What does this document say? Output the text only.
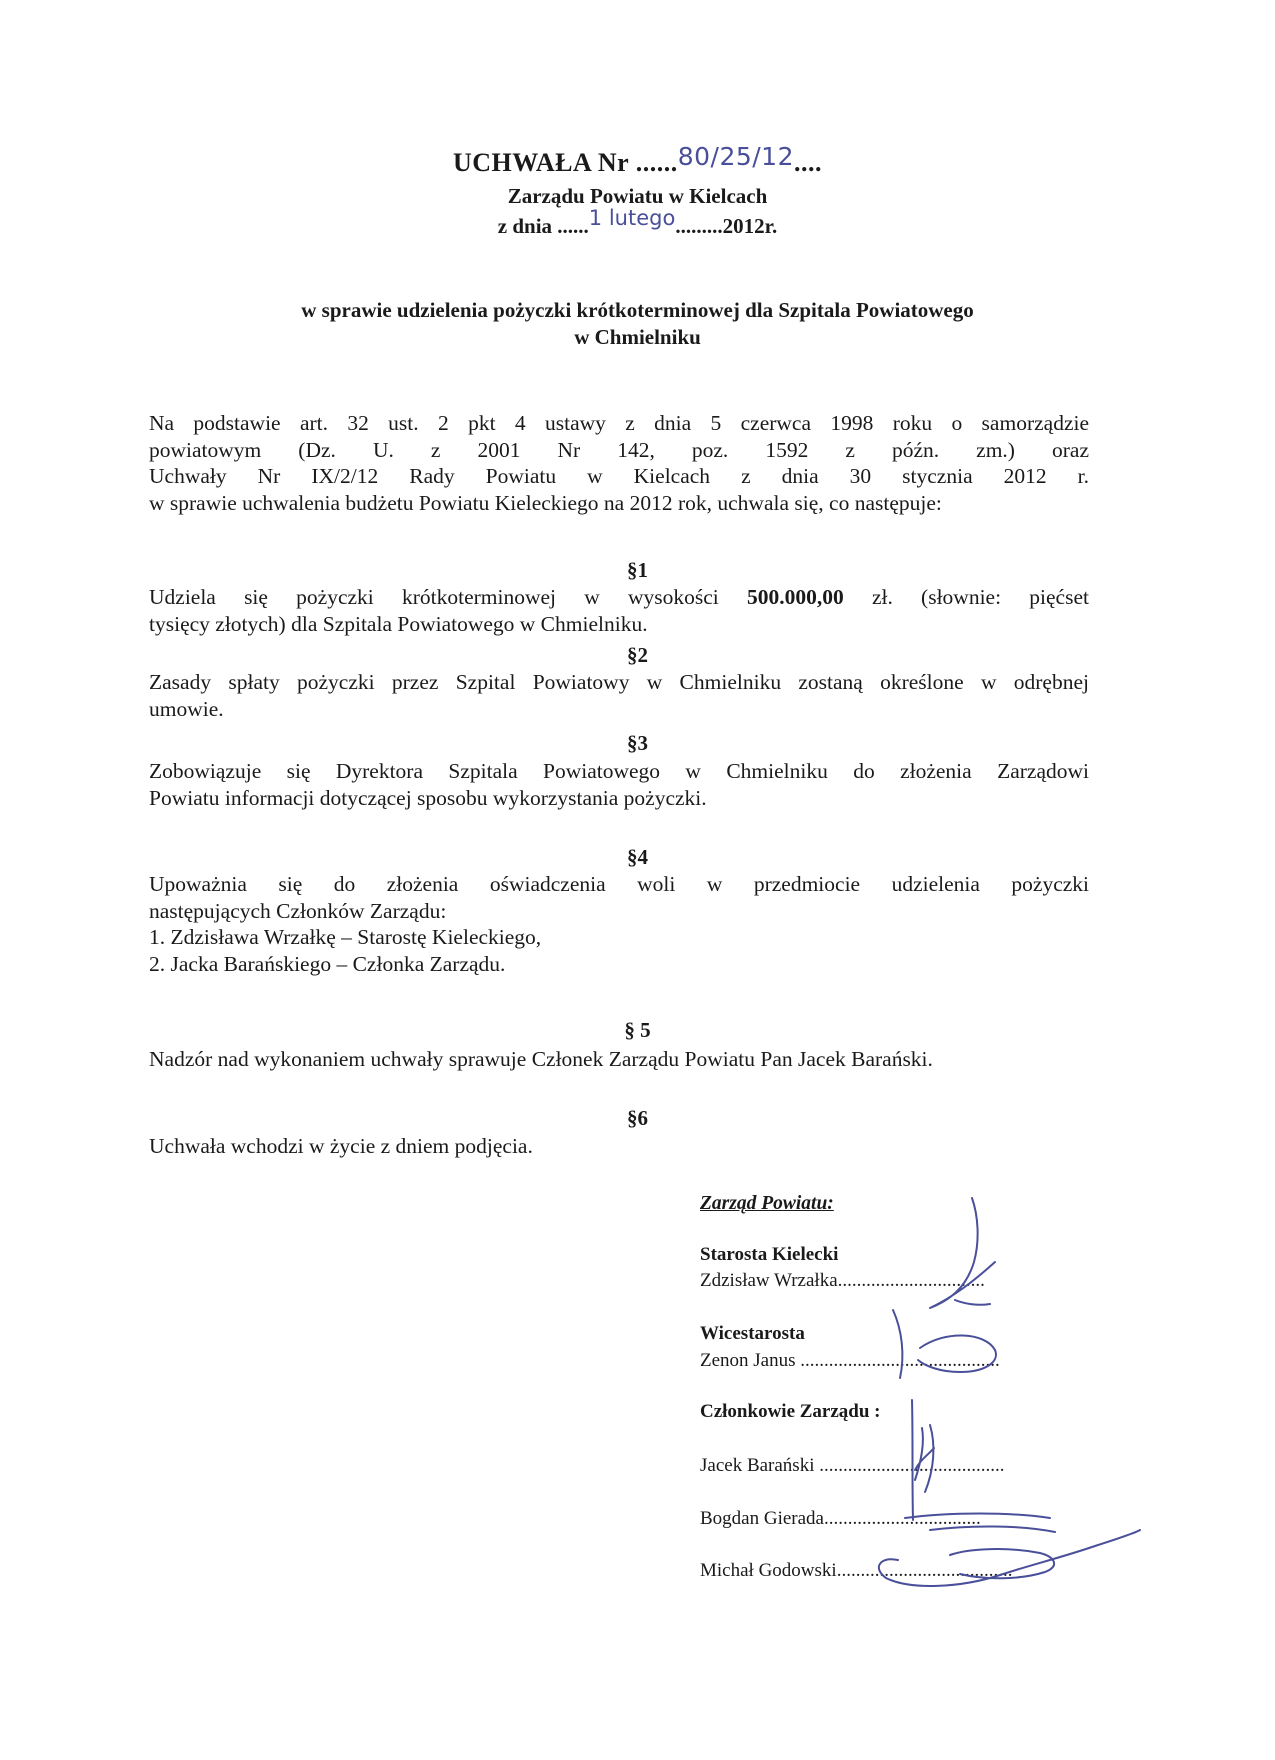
UCHWAŁA Nr ......80/25/12....
Zarządu Powiatu w Kielcach
z dnia ......1 lutego.........2012r.
w sprawie udzielenia pożyczki krótkoterminowej dla Szpitala Powiatowego
w Chmielniku
Na podstawie art. 32 ust. 2 pkt 4 ustawy z dnia 5 czerwca 1998 roku o samorządzie
powiatowym (Dz. U. z 2001 Nr 142, poz. 1592 z późn. zm.) oraz
Uchwały Nr IX/2/12 Rady Powiatu w Kielcach z dnia 30 stycznia 2012 r.
w sprawie uchwalenia budżetu Powiatu Kieleckiego na 2012 rok, uchwala się, co następuje:
§1
Udziela się pożyczki krótkoterminowej w wysokości 500.000,00 zł. (słownie: pięćset
tysięcy złotych) dla Szpitala Powiatowego w Chmielniku.
§2
Zasady spłaty pożyczki przez Szpital Powiatowy w Chmielniku zostaną określone w odrębnej
umowie.
§3
Zobowiązuje się Dyrektora Szpitala Powiatowego w Chmielniku do złożenia Zarządowi
Powiatu informacji dotyczącej sposobu wykorzystania pożyczki.
§4
Upoważnia się do złożenia oświadczenia woli w przedmiocie udzielenia pożyczki
następujących Członków Zarządu:
1. Zdzisława Wrzałkę – Starostę Kieleckiego,
2. Jacka Barańskiego – Członka Zarządu.
§ 5
Nadzór nad wykonaniem uchwały sprawuje Członek Zarządu Powiatu Pan Jacek Barański.
§6
Uchwała wchodzi w życie z dniem podjęcia.
Zarząd Powiatu:
Starosta Kielecki
Zdzisław Wrzałka...............................
Wicestarosta
Zenon Janus ..........................................
Członkowie Zarządu :
Jacek Barański .......................................
Bogdan Gierada.................................
Michał Godowski.....................................
